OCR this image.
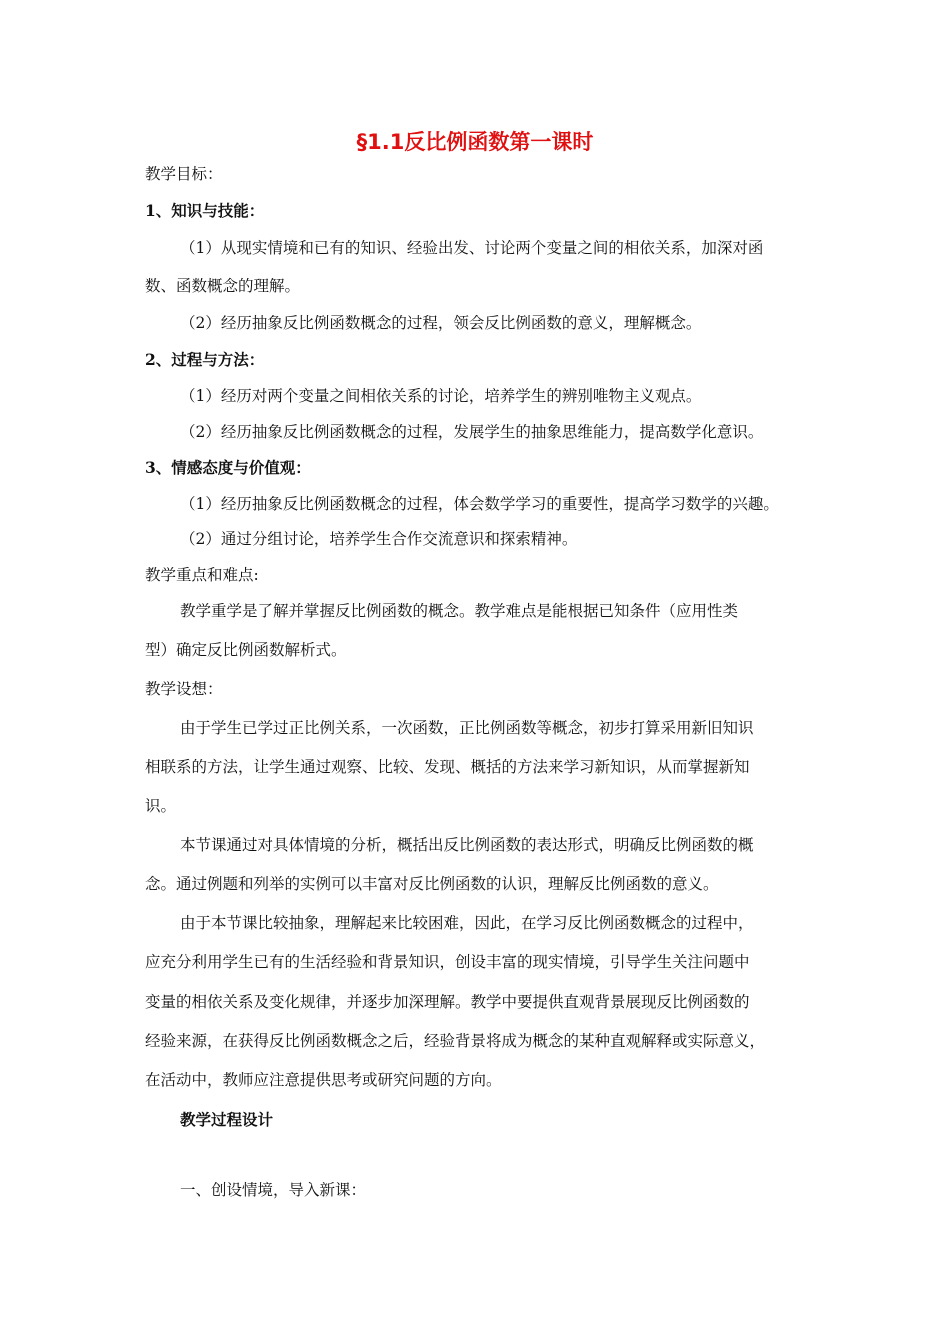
§1.1反比例函数第一课时
教学目标：
1、知识与技能：
（1）从现实情境和已有的知识、经验出发、讨论两个变量之间的相依关系，加深对函
数、函数概念的理解。
（2）经历抽象反比例函数概念的过程，领会反比例函数的意义，理解概念。
2、过程与方法：
（1）经历对两个变量之间相依关系的讨论，培养学生的辨别唯物主义观点。
（2）经历抽象反比例函数概念的过程，发展学生的抽象思维能力，提高数学化意识。
3、情感态度与价值观：
（1）经历抽象反比例函数概念的过程，体会数学学习的重要性，提高学习数学的兴趣。
（2）通过分组讨论，培养学生合作交流意识和探索精神。
教学重点和难点:
教学重学是了解并掌握反比例函数的概念。教学难点是能根据已知条件（应用性类
型）确定反比例函数解析式。
教学设想：
由于学生已学过正比例关系，一次函数，正比例函数等概念，初步打算采用新旧知识
相联系的方法，让学生通过观察、比较、发现、概括的方法来学习新知识，从而掌握新知
识。
本节课通过对具体情境的分析，概括出反比例函数的表达形式，明确反比例函数的概
念。通过例题和列举的实例可以丰富对反比例函数的认识，理解反比例函数的意义。
由于本节课比较抽象，理解起来比较困难，因此，在学习反比例函数概念的过程中，
应充分利用学生已有的生活经验和背景知识，创设丰富的现实情境，引导学生关注问题中
变量的相依关系及变化规律，并逐步加深理解。教学中要提供直观背景展现反比例函数的
经验来源，在获得反比例函数概念之后，经验背景将成为概念的某种直观解释或实际意义，
在活动中，教师应注意提供思考或研究问题的方向。
教学过程设计
一、创设情境，导入新课：
